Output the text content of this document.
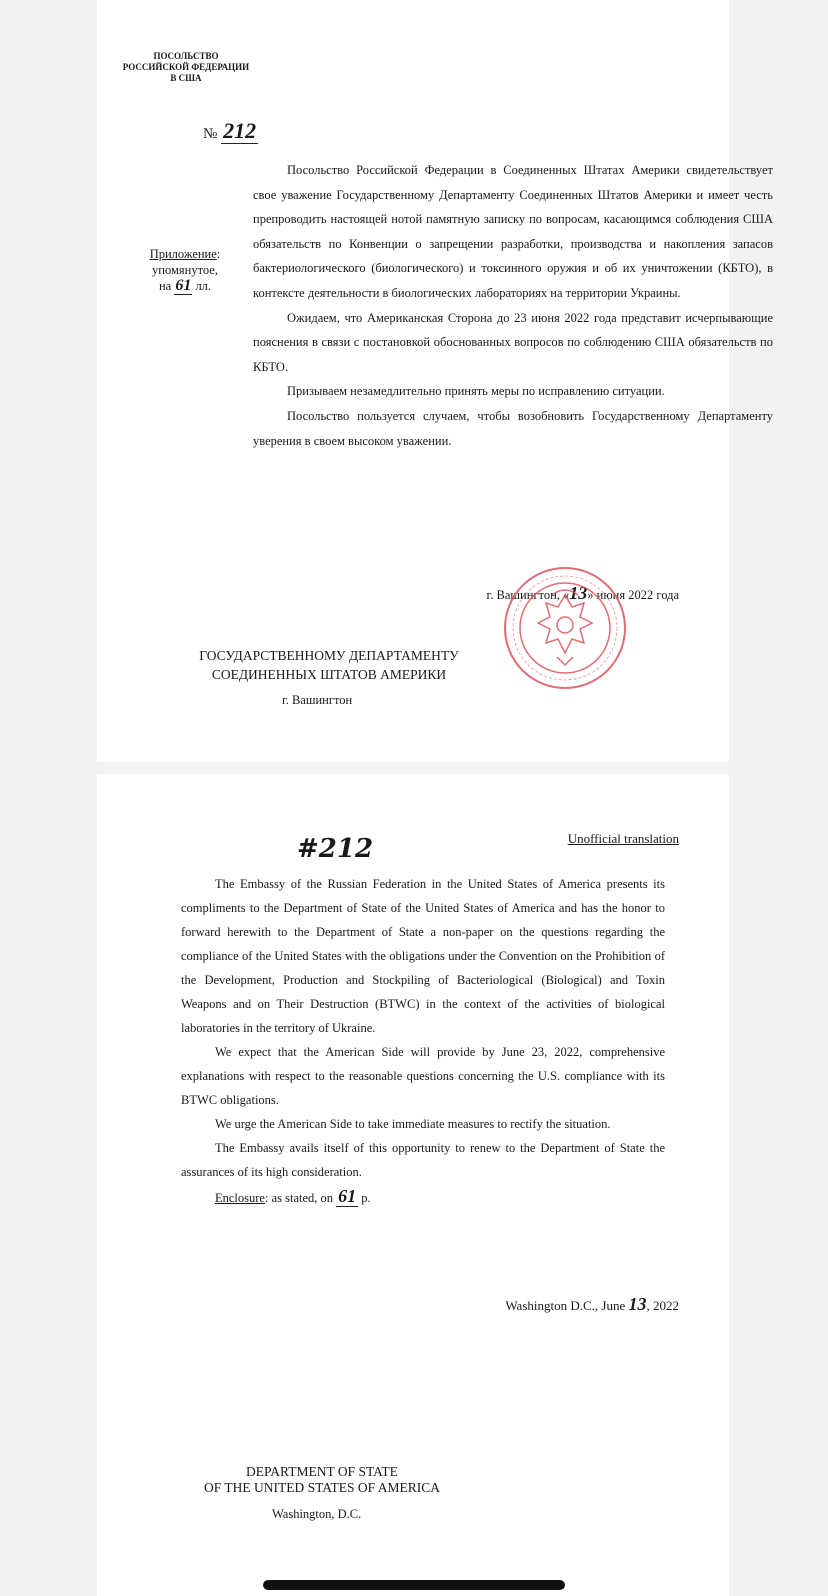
ПОСОЛЬСТВО
РОССИЙСКОЙ ФЕДЕРАЦИИ
В США
№ 212
Приложение:
упомянутое,
на 61 лл.

Посольство Российской Федерации в Соединенных Штатах Америки свидетельствует свое уважение Государственному Департаменту Соединенных Штатов Америки и имеет честь препроводить настоящей нотой памятную записку по вопросам, касающимся соблюдения США обязательств по Конвенции о запрещении разработки, производства и накопления запасов бактериологического (биологического) и токсинного оружия и об их уничтожении (КБТО), в контексте деятельности в биологических лабораториях на территории Украины.

Ожидаем, что Американская Сторона до 23 июня 2022 года представит исчерпывающие пояснения в связи с постановкой обоснованных вопросов по соблюдению США обязательств по КБТО.

Призываем незамедлительно принять меры по исправлению ситуации.

Посольство пользуется случаем, чтобы возобновить Государственному Департаменту уверения в своем высоком уважении.

г. Вашингтон, «13» июня 2022 года
ГОСУДАРСТВЕННОМУ ДЕПАРТАМЕНТУ
СОЕДИНЕННЫХ ШТАТОВ АМЕРИКИ
г. Вашингтон
#212	Unofficial translation

The Embassy of the Russian Federation in the United States of America presents its compliments to the Department of State of the United States of America and has the honor to forward herewith to the Department of State a non-paper on the questions regarding the compliance of the United States with the obligations under the Convention on the Prohibition of the Development, Production and Stockpiling of Bacteriological (Biological) and Toxin Weapons and on Their Destruction (BTWC) in the context of the activities of biological laboratories in the territory of Ukraine.

We expect that the American Side will provide by June 23, 2022, comprehensive explanations with respect to the reasonable questions concerning the U.S. compliance with its BTWC obligations.

We urge the American Side to take immediate measures to rectify the situation.

The Embassy avails itself of this opportunity to renew to the Department of State the assurances of its high consideration.

Enclosure: as stated, on 61 p.

Washington D.C., June 13, 2022
DEPARTMENT OF STATE
OF THE UNITED STATES OF AMERICA
Washington, D.C.
